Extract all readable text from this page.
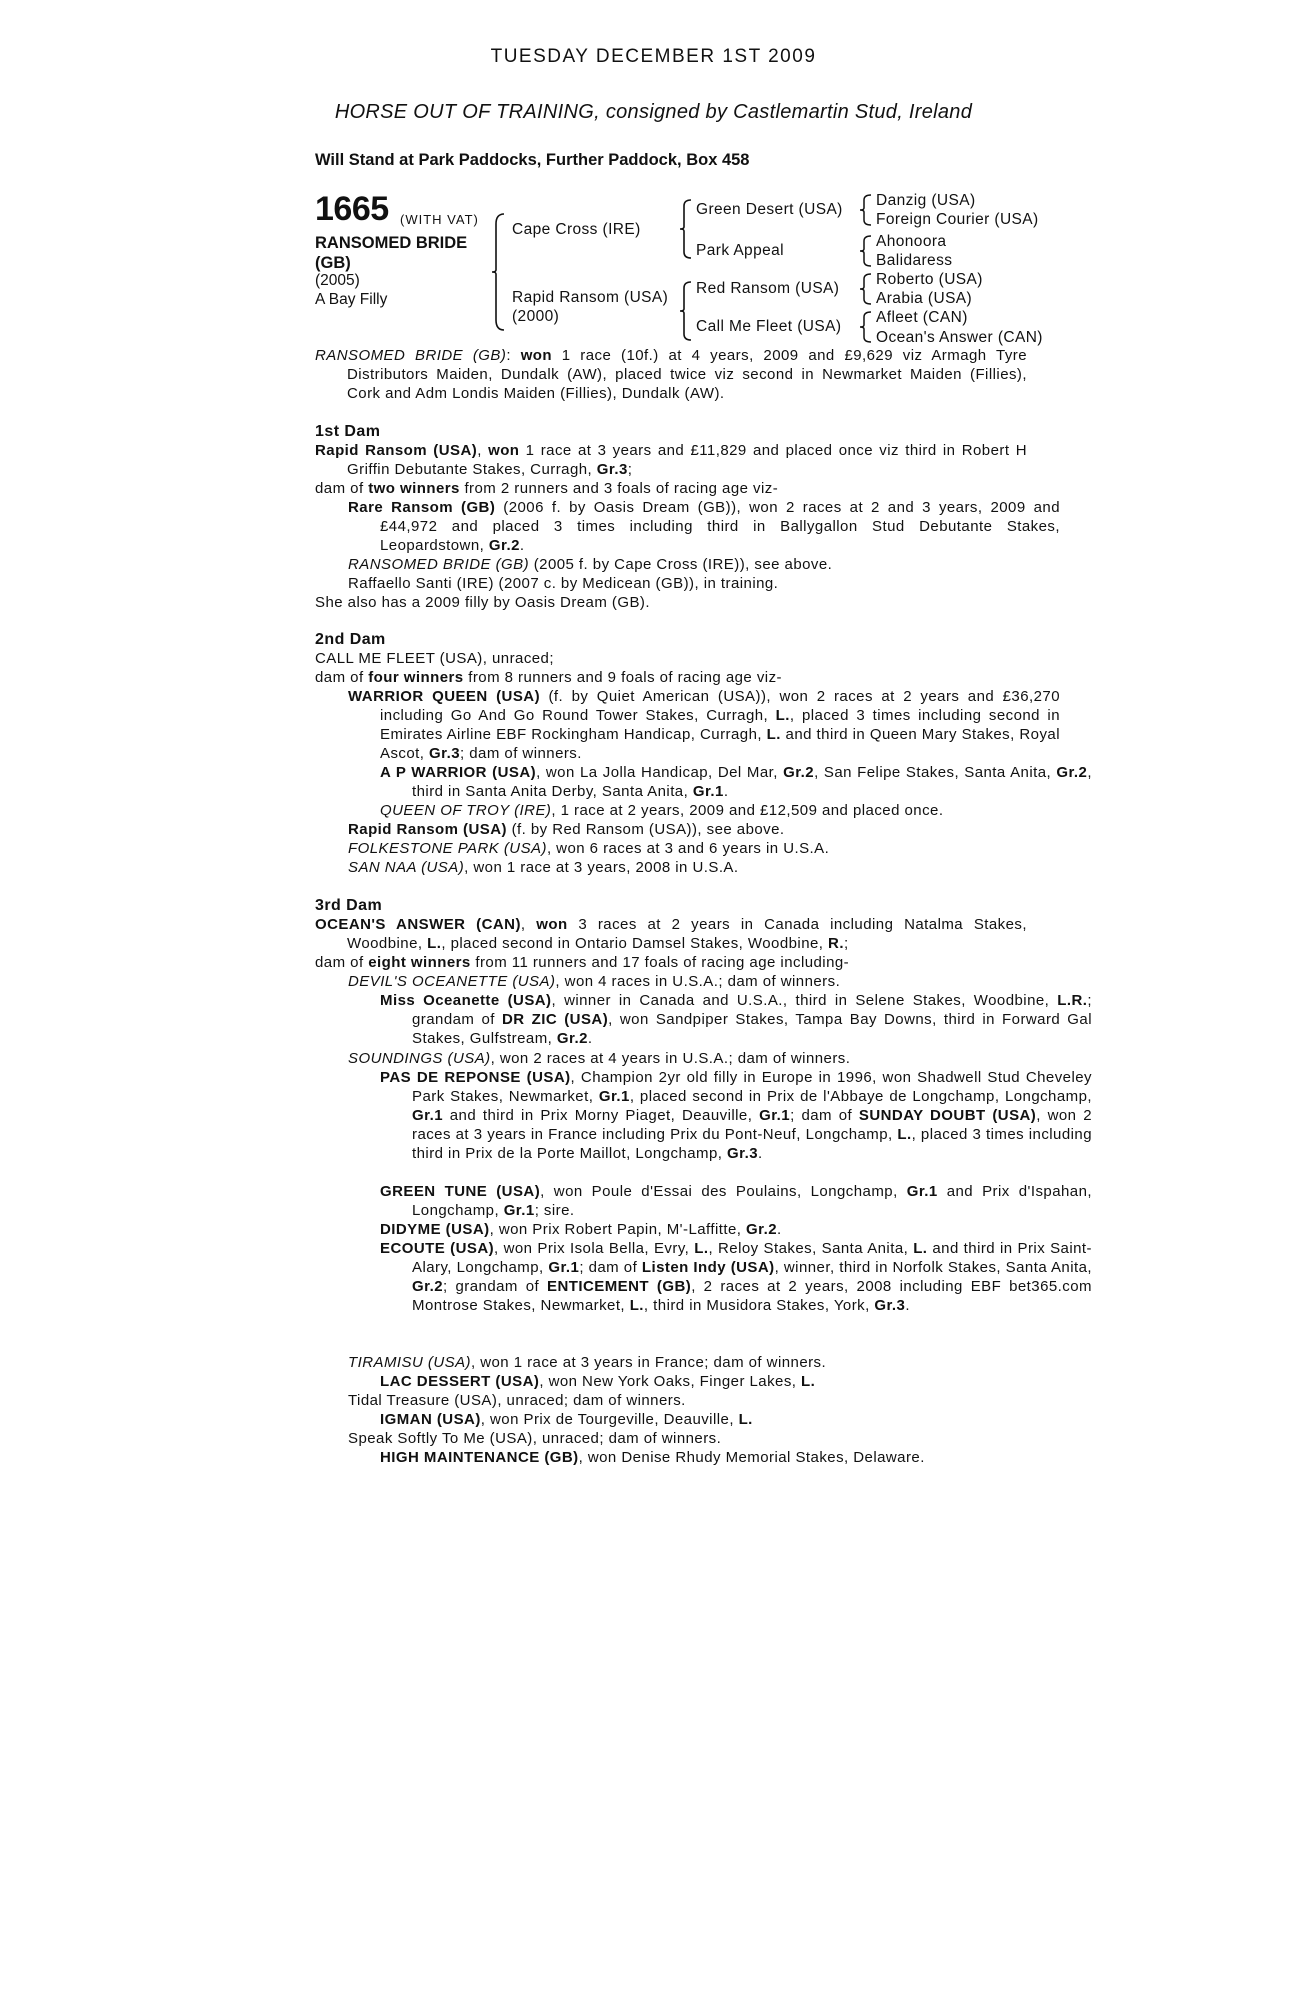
TUESDAY DECEMBER 1ST 2009
HORSE OUT OF TRAINING, consigned by Castlemartin Stud, Ireland
Will Stand at Park Paddocks, Further Paddock, Box 458
1665 (WITH VAT)
RANSOMED BRIDE
(GB)
(2005)
A Bay Filly
Cape Cross (IRE)
Rapid Ransom (USA)
(2000)
Green Desert (USA)
Park Appeal
Red Ransom (USA)
Call Me Fleet (USA)
Danzig (USA)
Foreign Courier (USA)
Ahonoora
Balidaress
Roberto (USA)
Arabia (USA)
Afleet (CAN)
Ocean's Answer (CAN)
RANSOMED BRIDE (GB): won 1 race (10f.) at 4 years, 2009 and £9,629 viz Armagh Tyre Distributors Maiden, Dundalk (AW), placed twice viz second in Newmarket Maiden (Fillies), Cork and Adm Londis Maiden (Fillies), Dundalk (AW).
1st Dam
Rapid Ransom (USA), won 1 race at 3 years and £11,829 and placed once viz third in Robert H Griffin Debutante Stakes, Curragh, Gr.3;
dam of two winners from 2 runners and 3 foals of racing age viz-
Rare Ransom (GB) (2006 f. by Oasis Dream (GB)), won 2 races at 2 and 3 years, 2009 and £44,972 and placed 3 times including third in Ballygallon Stud Debutante Stakes, Leopardstown, Gr.2.
RANSOMED BRIDE (GB) (2005 f. by Cape Cross (IRE)), see above.
Raffaello Santi (IRE) (2007 c. by Medicean (GB)), in training.
She also has a 2009 filly by Oasis Dream (GB).
2nd Dam
CALL ME FLEET (USA), unraced;
dam of four winners from 8 runners and 9 foals of racing age viz-
WARRIOR QUEEN (USA) (f. by Quiet American (USA)), won 2 races at 2 years and £36,270 including Go And Go Round Tower Stakes, Curragh, L., placed 3 times including second in Emirates Airline EBF Rockingham Handicap, Curragh, L. and third in Queen Mary Stakes, Royal Ascot, Gr.3; dam of winners.
A P WARRIOR (USA), won La Jolla Handicap, Del Mar, Gr.2, San Felipe Stakes, Santa Anita, Gr.2, third in Santa Anita Derby, Santa Anita, Gr.1.
QUEEN OF TROY (IRE), 1 race at 2 years, 2009 and £12,509 and placed once.
Rapid Ransom (USA) (f. by Red Ransom (USA)), see above.
FOLKESTONE PARK (USA), won 6 races at 3 and 6 years in U.S.A.
SAN NAA (USA), won 1 race at 3 years, 2008 in U.S.A.
3rd Dam
OCEAN'S ANSWER (CAN), won 3 races at 2 years in Canada including Natalma Stakes, Woodbine, L., placed second in Ontario Damsel Stakes, Woodbine, R.;
dam of eight winners from 11 runners and 17 foals of racing age including-
DEVIL'S OCEANETTE (USA), won 4 races in U.S.A.; dam of winners.
Miss Oceanette (USA), winner in Canada and U.S.A., third in Selene Stakes, Woodbine, L.R.; grandam of DR ZIC (USA), won Sandpiper Stakes, Tampa Bay Downs, third in Forward Gal Stakes, Gulfstream, Gr.2.
SOUNDINGS (USA), won 2 races at 4 years in U.S.A.; dam of winners.
PAS DE REPONSE (USA), Champion 2yr old filly in Europe in 1996, won Shadwell Stud Cheveley Park Stakes, Newmarket, Gr.1, placed second in Prix de l'Abbaye de Longchamp, Longchamp, Gr.1 and third in Prix Morny Piaget, Deauville, Gr.1; dam of SUNDAY DOUBT (USA), won 2 races at 3 years in France including Prix du Pont-Neuf, Longchamp, L., placed 3 times including third in Prix de la Porte Maillot, Longchamp, Gr.3.
GREEN TUNE (USA), won Poule d'Essai des Poulains, Longchamp, Gr.1 and Prix d'Ispahan, Longchamp, Gr.1; sire.
DIDYME (USA), won Prix Robert Papin, M'-Laffitte, Gr.2.
ECOUTE (USA), won Prix Isola Bella, Evry, L., Reloy Stakes, Santa Anita, L. and third in Prix Saint-Alary, Longchamp, Gr.1; dam of Listen Indy (USA), winner, third in Norfolk Stakes, Santa Anita, Gr.2; grandam of ENTICEMENT (GB), 2 races at 2 years, 2008 including EBF bet365.com Montrose Stakes, Newmarket, L., third in Musidora Stakes, York, Gr.3.
TIRAMISU (USA), won 1 race at 3 years in France; dam of winners.
LAC DESSERT (USA), won New York Oaks, Finger Lakes, L.
Tidal Treasure (USA), unraced; dam of winners.
IGMAN (USA), won Prix de Tourgeville, Deauville, L.
Speak Softly To Me (USA), unraced; dam of winners.
HIGH MAINTENANCE (GB), won Denise Rhudy Memorial Stakes, Delaware.
